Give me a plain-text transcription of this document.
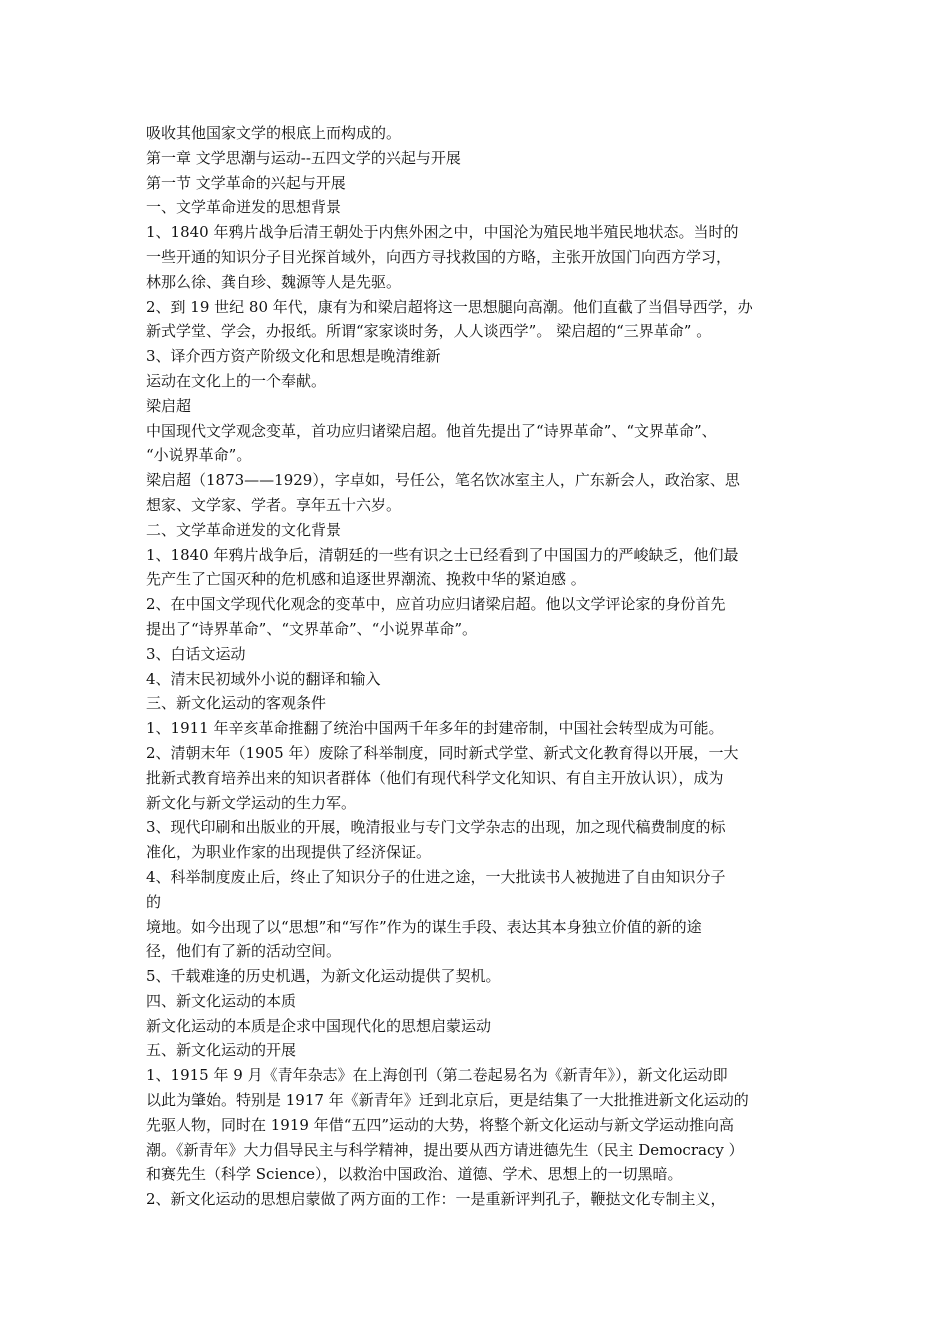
吸收其他国家文学的根底上而构成的。
第一章 文学思潮与运动--五四文学的兴起与开展
第一节 文学革命的兴起与开展
一、文学革命迸发的思想背景
1、1840 年鸦片战争后清王朝处于内焦外困之中，中国沦为殖民地半殖民地状态。当时的
一些开通的知识分子目光探首域外，向西方寻找救国的方略，主张开放国门向西方学习，
林那么徐、龚自珍、魏源等人是先驱。
2、到 19 世纪 80 年代，康有为和梁启超将这一思想腿向高潮。他们直截了当倡导西学，办
新式学堂、学会，办报纸。所谓“家家谈时务，人人谈西学”。 梁启超的“三界革命” 。
3、译介西方资产阶级文化和思想是晚清维新
运动在文化上的一个奉献。
梁启超
中国现代文学观念变革，首功应归诸梁启超。他首先提出了“诗界革命”、“文界革命”、
“小说界革命”。
梁启超（1873——1929），字卓如，号任公，笔名饮冰室主人，广东新会人，政治家、思
想家、文学家、学者。享年五十六岁。
二、文学革命迸发的文化背景
1、1840 年鸦片战争后，清朝廷的一些有识之士已经看到了中国国力的严峻缺乏，他们最
先产生了亡国灭种的危机感和追逐世界潮流、挽救中华的紧迫感 。
2、在中国文学现代化观念的变革中，应首功应归诸梁启超。他以文学评论家的身份首先
提出了“诗界革命”、“文界革命”、“小说界革命”。
3、白话文运动
4、清末民初域外小说的翻译和输入
三、新文化运动的客观条件
1、1911 年辛亥革命推翻了统治中国两千年多年的封建帝制，中国社会转型成为可能。
2、清朝末年（1905 年）废除了科举制度，同时新式学堂、新式文化教育得以开展，一大
批新式教育培养出来的知识者群体（他们有现代科学文化知识、有自主开放认识），成为
新文化与新文学运动的生力军。
3、现代印刷和出版业的开展，晚清报业与专门文学杂志的出现，加之现代稿费制度的标
准化，为职业作家的出现提供了经济保证。
4、科举制度废止后，终止了知识分子的仕进之途，一大批读书人被抛进了自由知识分子
的
境地。如今出现了以“思想”和“写作”作为的谋生手段、表达其本身独立价值的新的途
径，他们有了新的活动空间。
5、千载难逢的历史机遇，为新文化运动提供了契机。
四、新文化运动的本质
新文化运动的本质是企求中国现代化的思想启蒙运动
五、新文化运动的开展
1、1915 年 9 月《青年杂志》在上海创刊（第二卷起易名为《新青年》），新文化运动即
以此为肇始。特别是 1917 年《新青年》迁到北京后，更是结集了一大批推进新文化运动的
先驱人物，同时在 1919 年借“五四”运动的大势，将整个新文化运动与新文学运动推向高
潮。《新青年》大力倡导民主与科学精神，提出要从西方请进德先生（民主 Democracy ）
和赛先生（科学 Science），以救治中国政治、道德、学术、思想上的一切黑暗。
2、新文化运动的思想启蒙做了两方面的工作：一是重新评判孔子，鞭挞文化专制主义，
